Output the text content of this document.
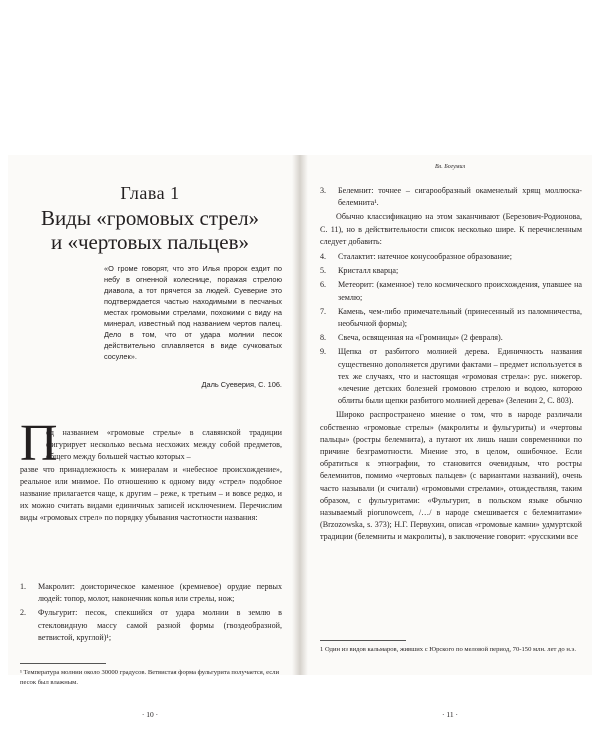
Глава 1
Виды «громовых стрел»
и «чертовых пальцев»
«О громе говорят, что это Илья пророк ездит по небу в огненной колеснице, поражая стрелою диавола, а тот прячется за людей. Суеверие это подтверждается частью находимыми в песчаных местах громовыми стрелами, похожими с виду на минерал, известный под названием чертов палец. Дело в том, что от удара молнии песок действительно сплавляется в виде сучковатых сосулек».
Даль Суеверия, С. 106.
П
од названием «громовые стрелы» в славянской традиции фигурирует несколько весьма несхожих между собой предметов, общего между большей частью которых –
разве что принадлежность к минералам и «небесное происхождение», реальное или мнимое. По отношению к одному виду «стрел» подобное название прилагается чаще, к другим – реже, к третьим – и вовсе редко, и их можно считать видами единичных записей исключением. Перечислим виды «громовых стрел» по порядку убывания частотности названия:
1.	Макролит: доисторическое каменное (кремневое) орудие первых людей: топор, молот, наконечник копья или стрелы, нож;
2.	Фульгурит: песок, спекшийся от удара молнии в землю в стекловидную массу самой разной формы (гвоздеобразной, ветвистой, круглой)¹;
¹ Температура молнии около 30000 градусов. Ветвистая форма фульгурита получается, если песок был влажным.
· 10 ·
Вл. Богумил
3.	Белемнит: точнее – сигарообразный окаменелый хрящ моллюска-белемнита¹.

Обычно классификацию на этом заканчивают (Березович-Родионова, С. 11), но в действительности список несколько шире. К перечисленным следует добавить:

4.	Сталактит: натечное конусообразное образование;
5.	Кристалл кварца;
6.	Метеорит: (каменное) тело космического происхождения, упавшее на землю;
7.	Камень, чем-либо примечательный (принесенный из паломничества, необычной формы);
8.	Свеча, освященная на «Громницы» (2 февраля).
9.	Щепка от разбитого молнией дерева. Единичность названия существенно дополняется другими фактами – предмет используется в тех же случаях, что и настоящая «громовая стрела»: рус. нижегор. «лечение детских болезней громовою стрелою и водою, которою облиты были щепки разбитого молнией дерева» (Зеленин 2, С. 803).

Широко распространено мнение о том, что в народе различали собственно «громовые стрелы» (макролиты и фульгуриты) и «чертовы пальцы» (ростры белемнита), а путают их лишь наши современники по причине безграмотности. Мнение это, в целом, ошибочное. Если обратиться к этнографии, то становится очевидным, что ростры белемнитов, помимо «чертовых пальцев» (с вариантами названий), очень часто называли (и считали) «громовыми стрелами», отождествляя, таким образом, с фульгуритами: «Фульгурит, в польском языке обычно называемый piorunowcem, /…/ в народе смешивается с белемнитами» (Brzozowska, s. 373); Н.Г. Первухин, описав «громовые камни» удмуртской традиции (белемниты и макролиты), в заключение говорит: «русскими все

1 Один из видов кальмаров, живших с Юрского по меловой период, 70-150 млн. лет до н.э.
· 11 ·
